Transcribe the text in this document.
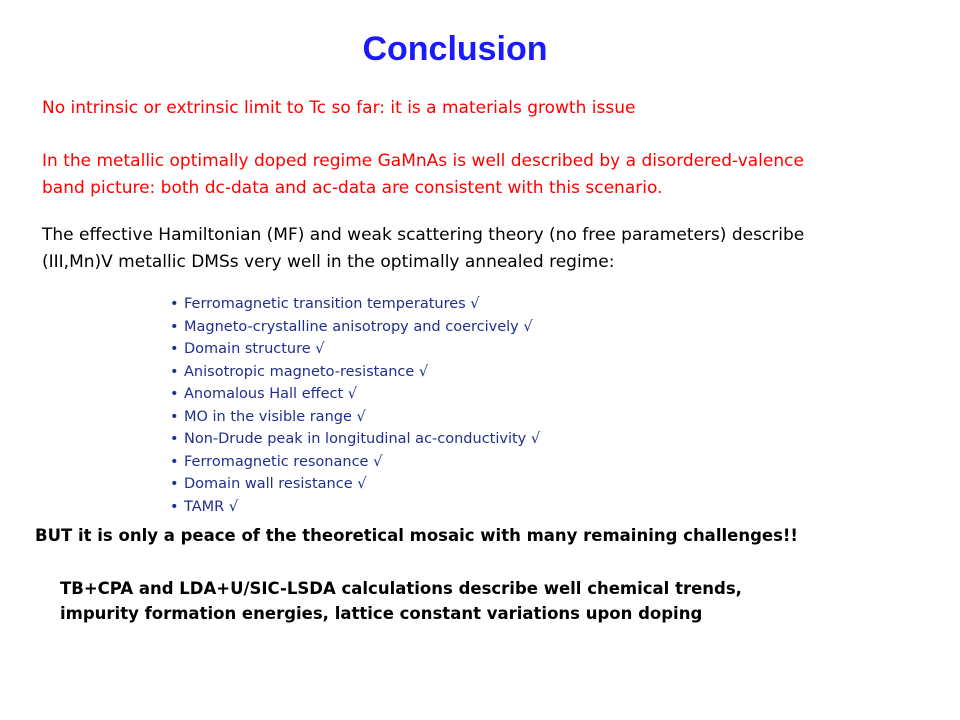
Conclusion
No intrinsic or extrinsic limit to Tc so far: it is a materials growth issue
In the metallic optimally doped regime GaMnAs is well described by a disordered-valence
band picture: both dc-data and ac-data are consistent with this scenario.
The effective Hamiltonian (MF) and weak scattering theory (no free parameters) describe
(III,Mn)V metallic DMSs very well in the optimally annealed regime:
• Ferromagnetic transition temperatures √
• Magneto-crystalline anisotropy and coercively √
• Domain structure √
• Anisotropic magneto-resistance √
• Anomalous Hall effect √
• MO in the visible range √
• Non-Drude peak in longitudinal ac-conductivity √
• Ferromagnetic resonance √
• Domain wall resistance √
• TAMR √
BUT it is only a peace of the theoretical mosaic with many remaining challenges!!
TB+CPA and LDA+U/SIC-LSDA calculations describe well chemical trends,
impurity formation energies, lattice constant variations upon doping
